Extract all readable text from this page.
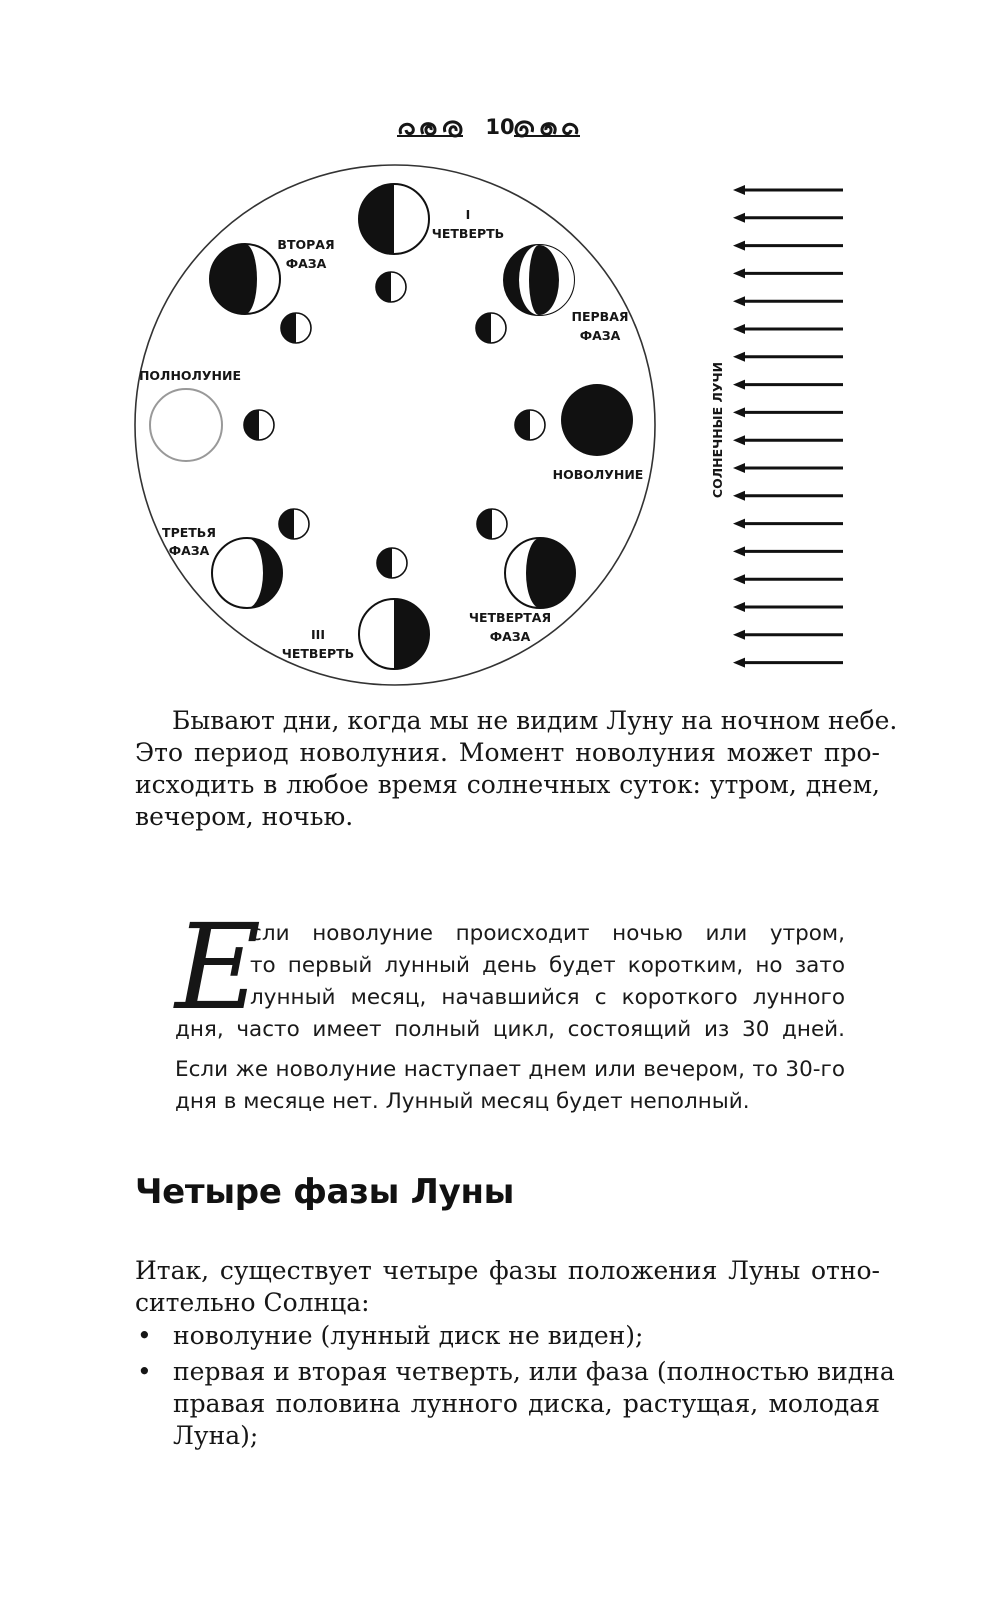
10
I
ЧЕТВЕРТЬ
ВТОРАЯ
ФАЗА
ПЕРВАЯ
ФАЗА
ПОЛНОЛУНИЕ
НОВОЛУНИЕ
ТРЕТЬЯ
ФАЗА
ЧЕТВЕРТАЯ
ФАЗА
III
ЧЕТВЕРТЬ
СОЛНЕЧНЫЕ ЛУЧИ
Бывают дни, когда мы не видим Луну на ночном небе.
Это период новолуния. Момент новолуния может про-
исходить в любое время солнечных суток: утром, днем,
вечером, ночью.
Е
сли новолуние происходит ночью или утром,
то первый лунный день будет коротким, но зато
лунный месяц, начавшийся с короткого лунного
дня, часто имеет полный цикл, состоящий из 30 дней.
Если же новолуние наступает днем или вечером, то 30-го
дня в месяце нет. Лунный месяц будет неполный.
Четыре фазы Луны
Итак, существует четыре фазы положения Луны отно-
сительно Солнца:
• новолуние (лунный диск не виден);
• первая и вторая четверть, или фаза (полностью видна
правая половина лунного диска, растущая, молодая
Луна);
